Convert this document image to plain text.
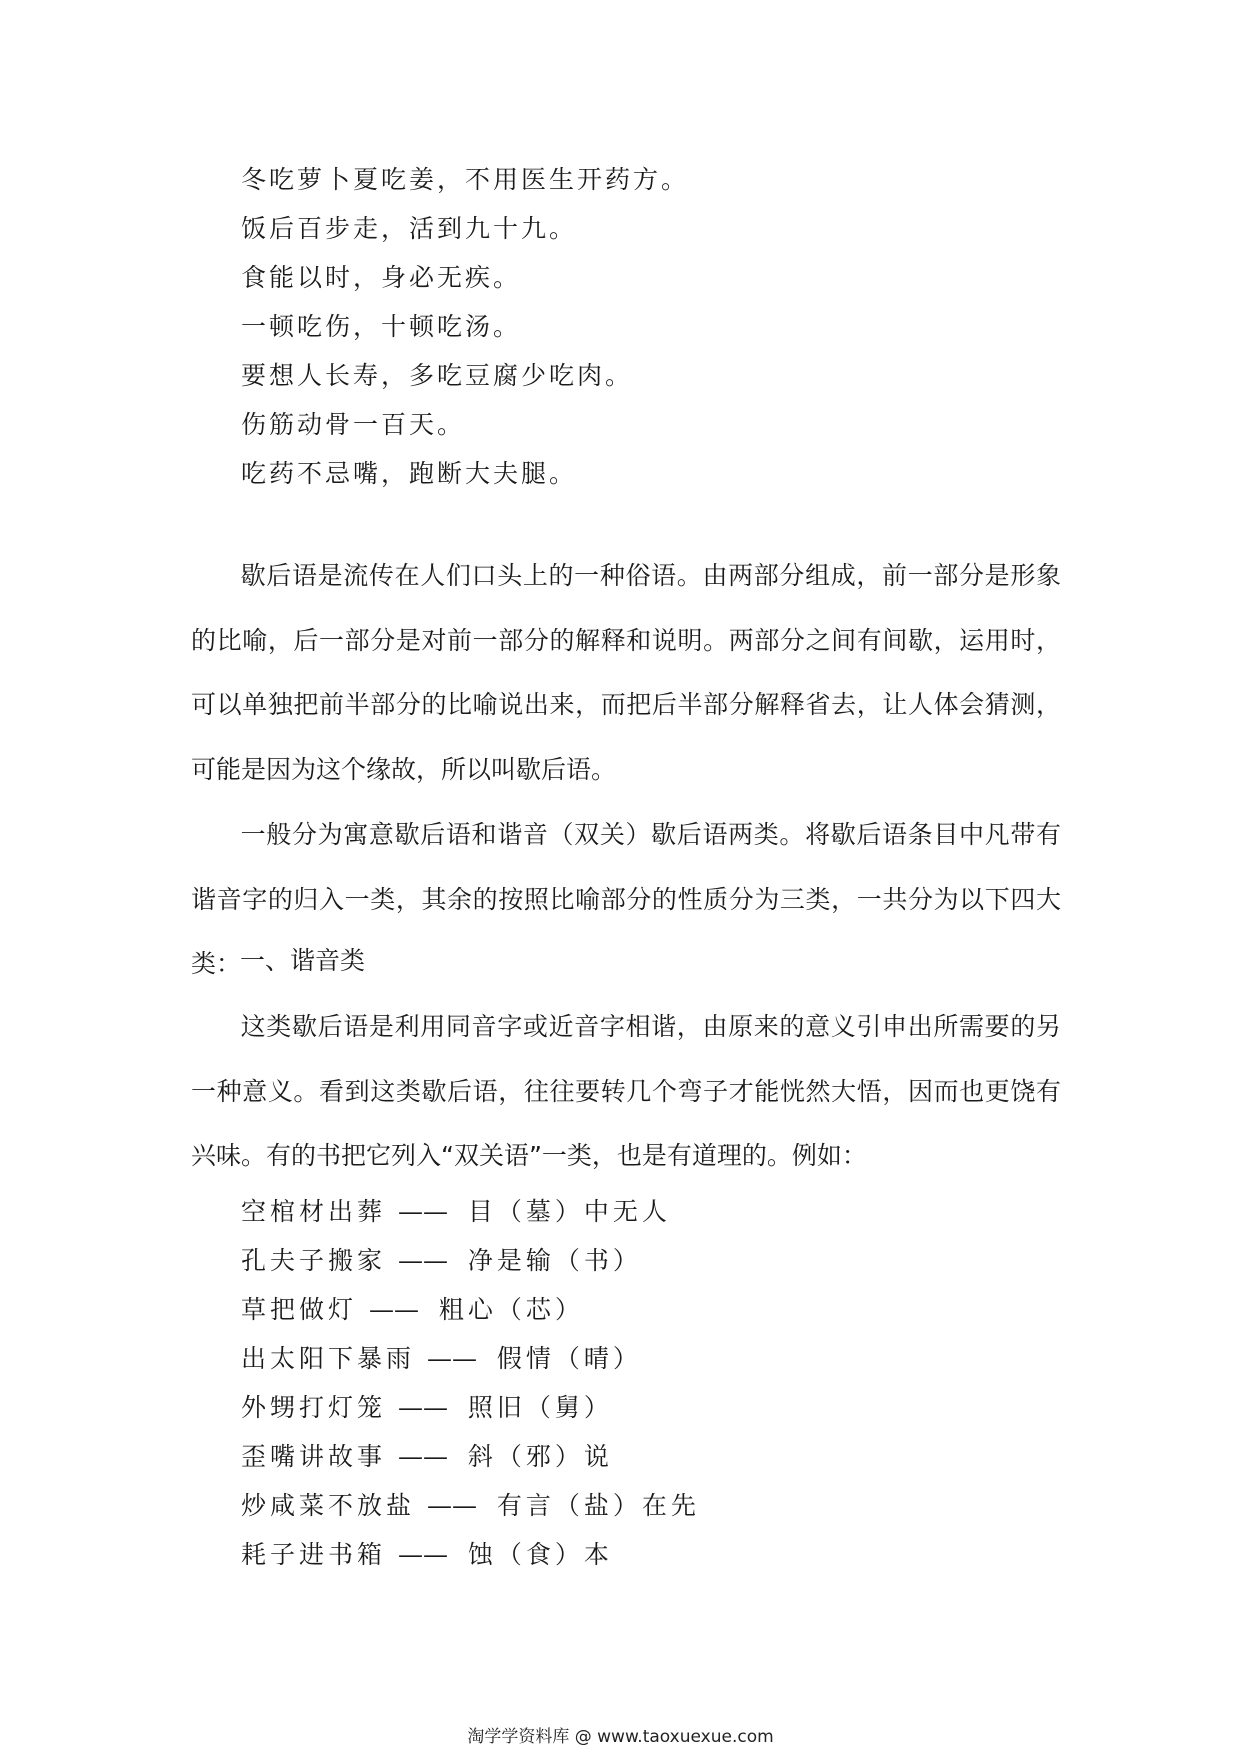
冬吃萝卜夏吃姜，不用医生开药方。
饭后百步走，活到九十九。
食能以时，身必无疾。
一顿吃伤，十顿吃汤。
要想人长寿，多吃豆腐少吃肉。
伤筋动骨一百天。
吃药不忌嘴，跑断大夫腿。

歇后语是流传在人们口头上的一种俗语。由两部分组成，前一部分是形象的比喻，后一部分是对前一部分的解释和说明。两部分之间有间歇，运用时，可以单独把前半部分的比喻说出来，而把后半部分解释省去，让人体会猜测，可能是因为这个缘故，所以叫歇后语。

一般分为寓意歇后语和谐音（双关）歇后语两类。将歇后语条目中凡带有谐音字的归入一类，其余的按照比喻部分的性质分为三类，一共分为以下四大类：

一、谐音类

这类歇后语是利用同音字或近音字相谐，由原来的意义引申出所需要的另一种意义。看到这类歇后语，往往要转几个弯子才能恍然大悟，因而也更饶有兴味。有的书把它列入“双关语”一类，也是有道理的。例如：

空棺材出葬 —— 目（墓）中无人
孔夫子搬家 —— 净是输（书）
草把做灯 —— 粗心（芯）
出太阳下暴雨 —— 假情（晴）
外甥打灯笼 —— 照旧（舅）
歪嘴讲故事 —— 斜（邪）说
炒咸菜不放盐 —— 有言（盐）在先
耗子进书箱 —— 蚀（食）本
淘学学资料库 @ www.taoxuexue.com
